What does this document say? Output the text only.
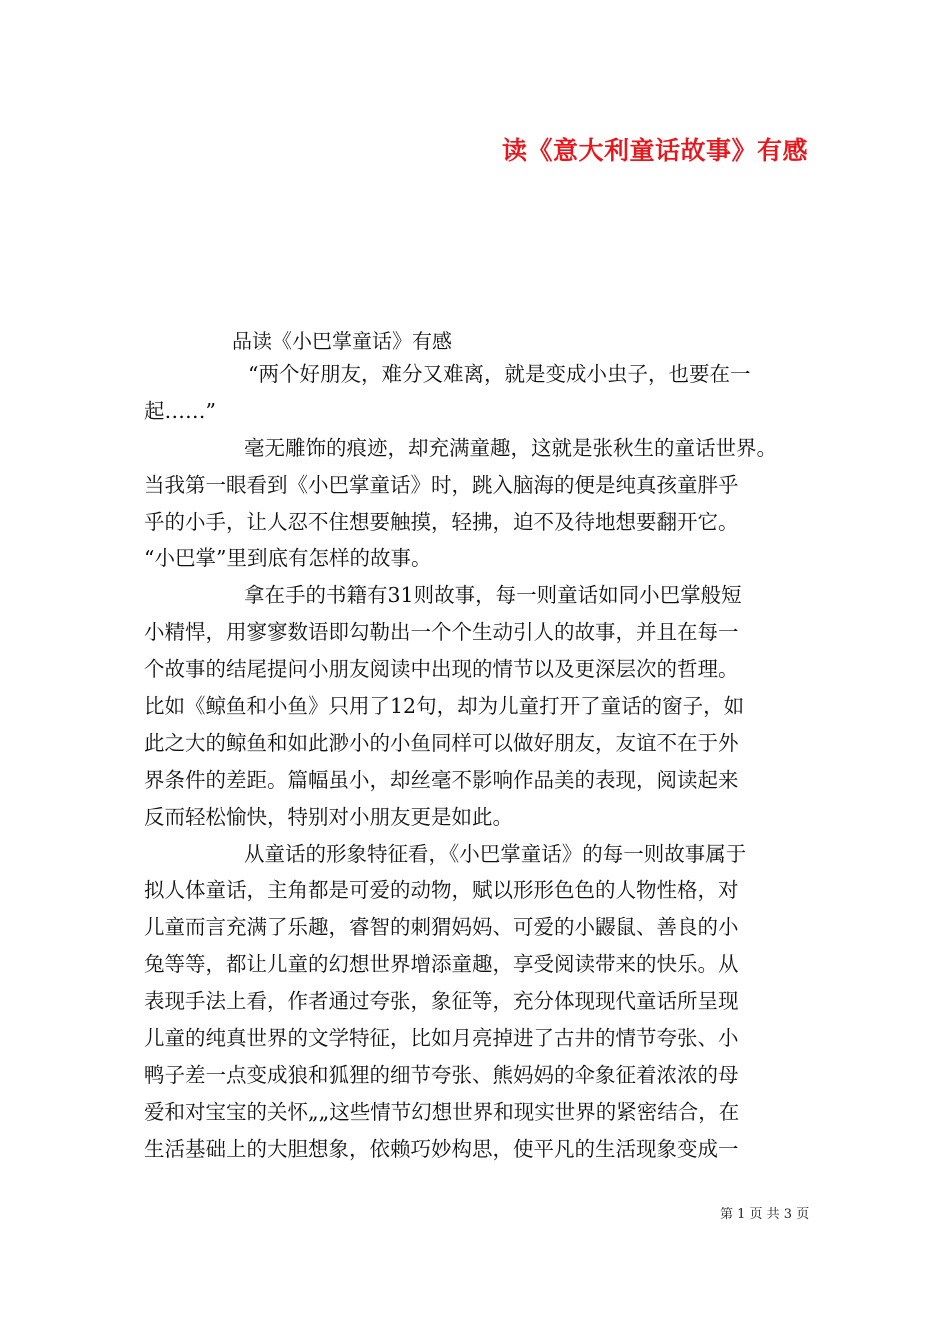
读《意大利童话故事》有感
品读《小巴掌童话》有感
“两个好朋友，难分又难离，就是变成小虫子，也要在一
起……”
毫无雕饰的痕迹，却充满童趣，这就是张秋生的童话世界。
当我第一眼看到《小巴掌童话》时，跳入脑海的便是纯真孩童胖乎
乎的小手，让人忍不住想要触摸，轻拂，迫不及待地想要翻开它。
“小巴掌”里到底有怎样的故事。
拿在手的书籍有31则故事，每一则童话如同小巴掌般短
小精悍，用寥寥数语即勾勒出一个个生动引人的故事，并且在每一
个故事的结尾提问小朋友阅读中出现的情节以及更深层次的哲理。
比如《鲸鱼和小鱼》只用了12句，却为儿童打开了童话的窗子，如
此之大的鲸鱼和如此渺小的小鱼同样可以做好朋友，友谊不在于外
界条件的差距。篇幅虽小，却丝毫不影响作品美的表现，阅读起来
反而轻松愉快，特别对小朋友更是如此。
从童话的形象特征看，《小巴掌童话》的每一则故事属于
拟人体童话，主角都是可爱的动物，赋以形形色色的人物性格，对
儿童而言充满了乐趣，睿智的刺猬妈妈、可爱的小鼹鼠、善良的小
兔等等，都让儿童的幻想世界增添童趣，享受阅读带来的快乐。从
表现手法上看，作者通过夸张，象征等，充分体现现代童话所呈现
儿童的纯真世界的文学特征，比如月亮掉进了古井的情节夸张、小
鸭子差一点变成狼和狐狸的细节夸张、熊妈妈的伞象征着浓浓的母
爱和对宝宝的关怀„„这些情节幻想世界和现实世界的紧密结合，在
生活基础上的大胆想象，依赖巧妙构思，使平凡的生活现象变成一
第 1 页 共 3 页
